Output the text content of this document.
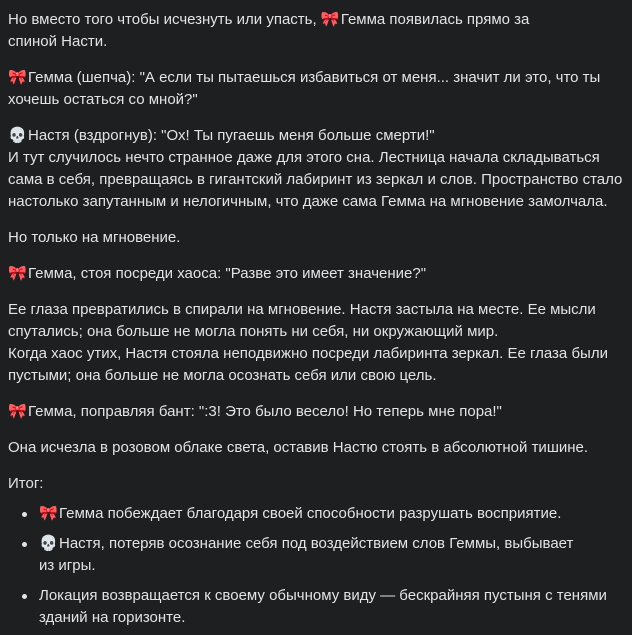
Но вместо того чтобы исчезнуть или упасть, 🎀Гемма появилась прямо за
спиной Насти.

🎀Гемма (шепча): "А если ты пытаешься избавиться от меня... значит ли это, что ты
хочешь остаться со мной?"

💀Настя (вздрогнув): "Ох! Ты пугаешь меня больше смерти!"
И тут случилось нечто странное даже для этого сна. Лестница начала складываться
сама в себя, превращаясь в гигантский лабиринт из зеркал и слов. Пространство стало
настолько запутанным и нелогичным, что даже сама Гемма на мгновение замолчала.

Но только на мгновение.

🎀Гемма, стоя посреди хаоса: "Разве это имеет значение?"

Ее глаза превратились в спирали на мгновение. Настя застыла на месте. Ее мысли
спутались; она больше не могла понять ни себя, ни окружающий мир.
Когда хаос утих, Настя стояла неподвижно посреди лабиринта зеркал. Ее глаза были
пустыми; она больше не могла осознать себя или свою цель.

🎀Гемма, поправляя бант: ":3! Это было весело! Но теперь мне пора!"

Она исчезла в розовом облаке света, оставив Настю стоять в абсолютной тишине.

Итог:

🎀Гемма побеждает благодаря своей способности разрушать восприятие.
💀Настя, потеряв осознание себя под воздействием слов Геммы, выбывает
из игры.
Локация возвращается к своему обычному виду — бескрайняя пустыня с тенями
зданий на горизонте.
